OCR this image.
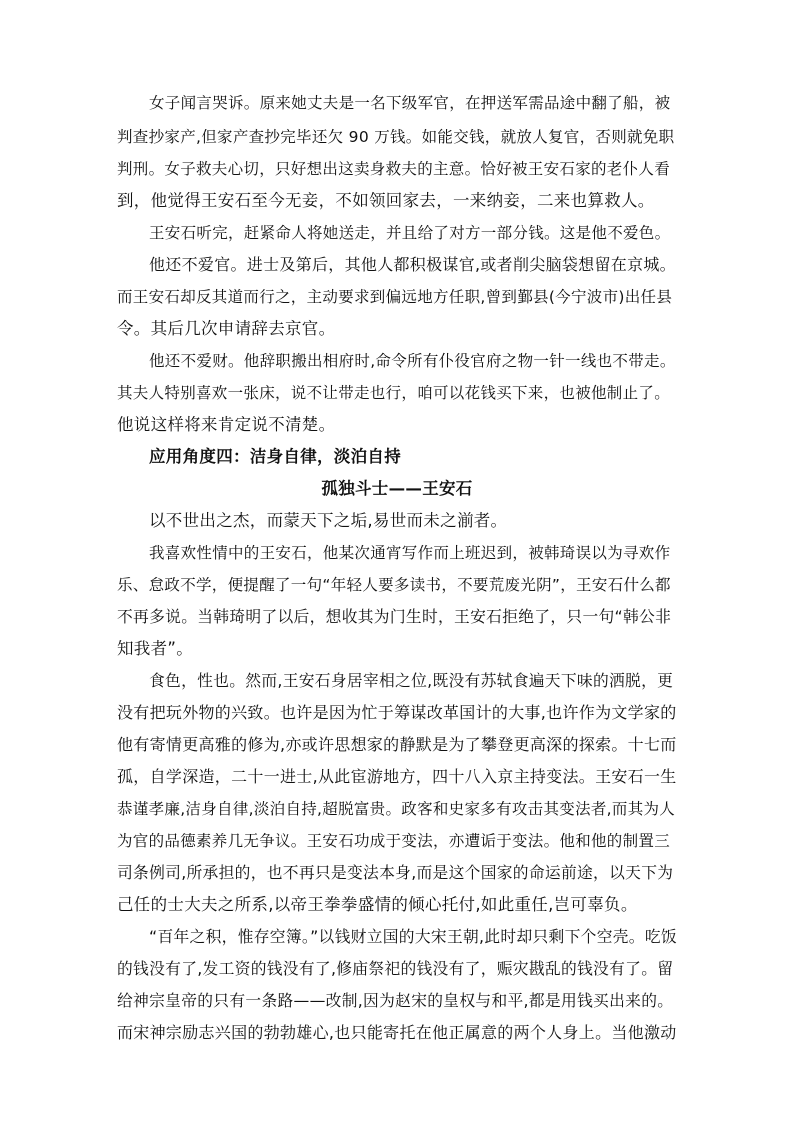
女子闻言哭诉。原来她丈夫是一名下级军官，在押送军需品途中翻了船，被
判查抄家产,但家产查抄完毕还欠 90 万钱。如能交钱，就放人复官，否则就免职
判刑。女子救夫心切，只好想出这卖身救夫的主意。恰好被王安石家的老仆人看
到，他觉得王安石至今无妾，不如领回家去，一来纳妾，二来也算救人。
王安石听完，赶紧命人将她送走，并且给了对方一部分钱。这是他不爱色。
他还不爱官。进士及第后，其他人都积极谋官,或者削尖脑袋想留在京城。
而王安石却反其道而行之，主动要求到偏远地方任职,曾到鄞县(今宁波市)出任县
令。其后几次申请辞去京官。
他还不爱财。他辞职搬出相府时,命令所有仆役官府之物一针一线也不带走。
其夫人特别喜欢一张床，说不让带走也行，咱可以花钱买下来，也被他制止了。
他说这样将来肯定说不清楚。
应用角度四：洁身自律，淡泊自持
孤独斗士——王安石
以不世出之杰，而蒙天下之垢,易世而未之湔者。
我喜欢性情中的王安石，他某次通宵写作而上班迟到，被韩琦误以为寻欢作
乐、怠政不学，便提醒了一句“年轻人要多读书，不要荒废光阴”，王安石什么都
不再多说。当韩琦明了以后，想收其为门生时，王安石拒绝了，只一句“韩公非
知我者”。
食色，性也。然而,王安石身居宰相之位,既没有苏轼食遍天下味的洒脱，更
没有把玩外物的兴致。也许是因为忙于筹谋改革国计的大事,也许作为文学家的
他有寄情更高雅的修为,亦或许思想家的静默是为了攀登更高深的探索。十七而
孤，自学深造，二十一进士,从此宦游地方，四十八入京主持变法。王安石一生
恭谨孝廉,洁身自律,淡泊自持,超脱富贵。政客和史家多有攻击其变法者,而其为人
为官的品德素养几无争议。王安石功成于变法，亦遭诟于变法。他和他的制置三
司条例司,所承担的，也不再只是变法本身,而是这个国家的命运前途，以天下为
己任的士大夫之所系,以帝王拳拳盛情的倾心托付,如此重任,岂可辜负。
“百年之积，惟存空簿。”以钱财立国的大宋王朝,此时却只剩下个空壳。吃饭
的钱没有了,发工资的钱没有了,修庙祭祀的钱没有了，赈灾戡乱的钱没有了。留
给神宗皇帝的只有一条路——改制,因为赵宋的皇权与和平,都是用钱买出来的。
而宋神宗励志兴国的勃勃雄心,也只能寄托在他正属意的两个人身上。当他激动
